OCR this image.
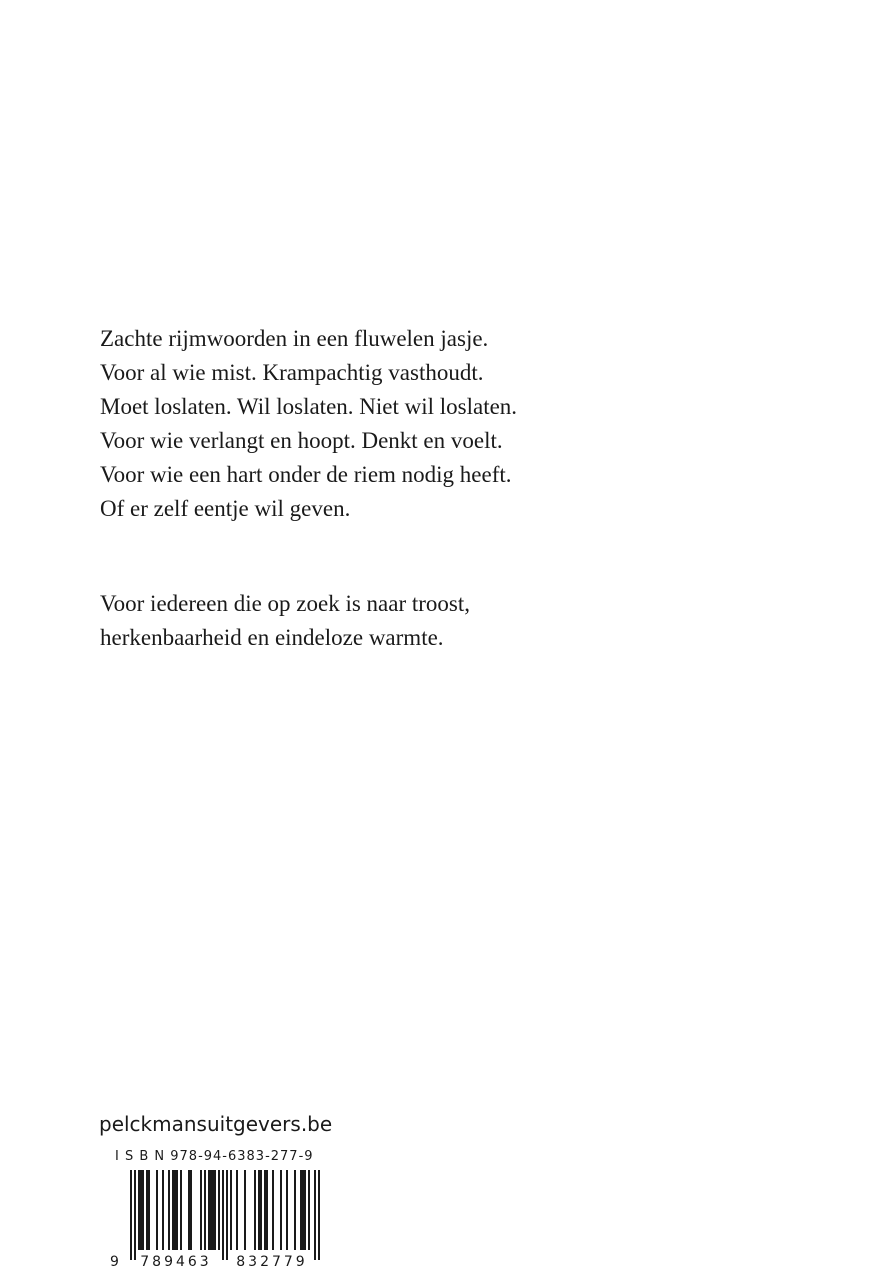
Zachte rijmwoorden in een fluwelen jasje.
Voor al wie mist. Krampachtig vasthoudt.
Moet loslaten. Wil loslaten. Niet wil loslaten.
Voor wie verlangt en hoopt. Denkt en voelt.
Voor wie een hart onder de riem nodig heeft.
Of er zelf eentje wil geven.
Voor iedereen die op zoek is naar troost,
herkenbaarheid en eindeloze warmte.
pelckmansuitgevers.be
I S B N 978-94-6383-277-9
9 789463 832779
